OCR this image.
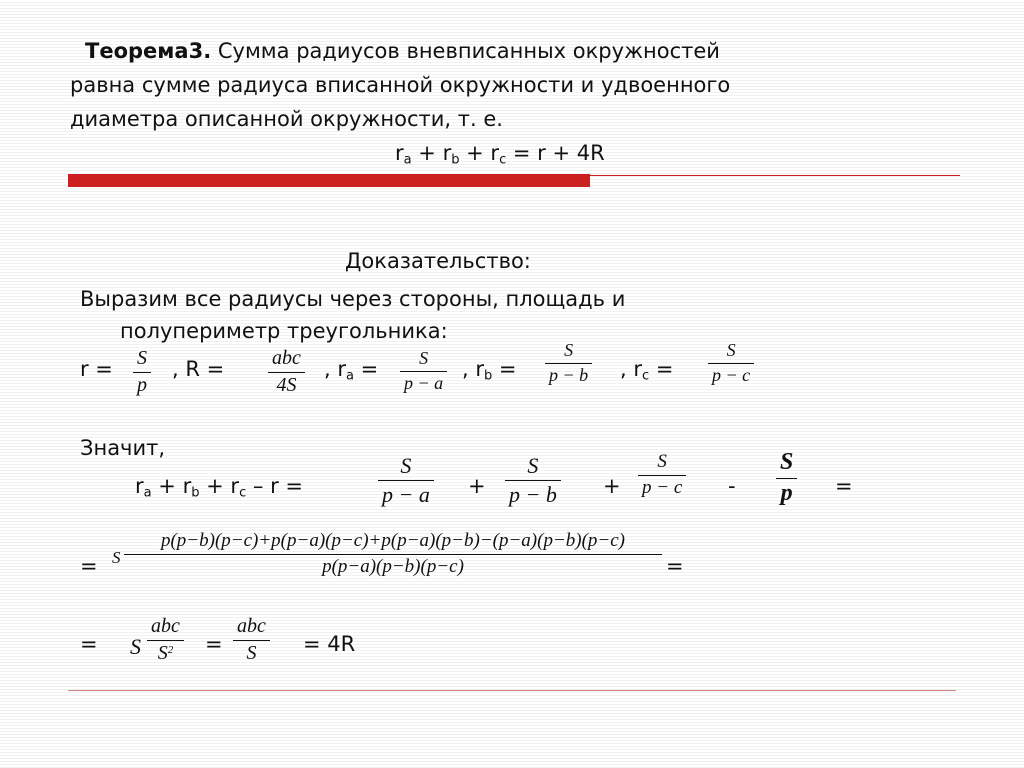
Теорема3. Сумма радиусов вневписанных окружностей
равна сумме радиуса вписанной окружности и удвоенного
диаметра описанной окружности, т. е.
$r_a + r_b + r_c = r + 4R$
Доказательство:
Выразим все радиусы через стороны, площадь и
полупериметр треугольника:
r = S
p
, R = abc
4S
, $r_a = S$
p − a
, $r_b$ =
S
p − b , $r_c$ =
S
p − c
Значит,
$r_a + r_b + r_c - r$ =
S
p − a +
S
p − b +
S
p − c -
S
p =
= S
p(p−b)(p−c)+p(p−a)(p−c)+p(p−a)(p−b)−(p−a)(p−b)(p−c)
p(p−a)(p−b)(p−c)	=
= S
abc
$S^2$ =
abc
S = 4R
